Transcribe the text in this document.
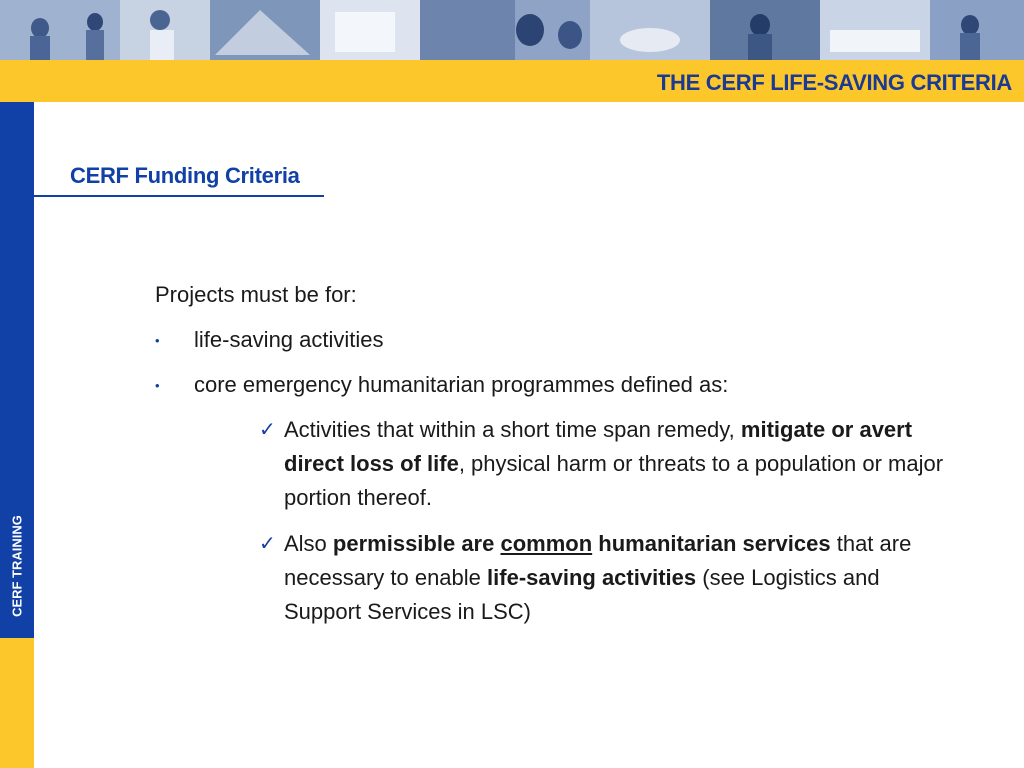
THE CERF LIFE-SAVING CRITERIA
CERF TRAINING
CERF Funding Criteria
Projects must be for:
• life-saving activities
• core emergency humanitarian programmes defined as:
✓ Activities that within a short time span remedy, mitigate or avert direct loss of life, physical harm or threats to a population or major portion thereof.
✓ Also permissible are common humanitarian services that are necessary to enable life-saving activities (see Logistics and Support Services in LSC)
